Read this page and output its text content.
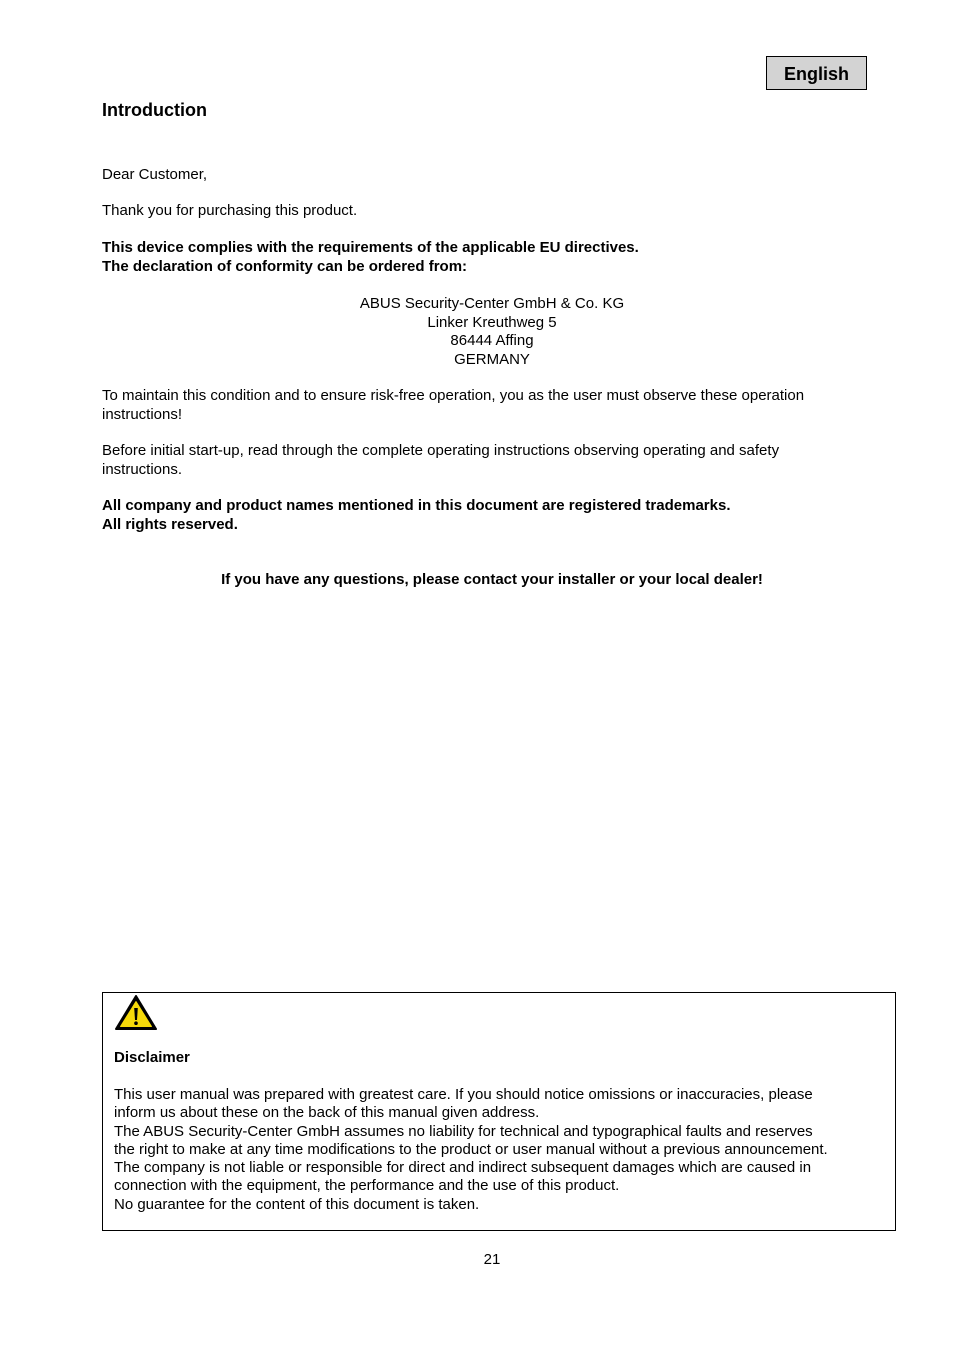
English
Introduction
Dear Customer,
Thank you for purchasing this product.
This device complies with the requirements of the applicable EU directives.
The declaration of conformity can be ordered from:
ABUS Security-Center GmbH & Co. KG
Linker Kreuthweg 5
86444 Affing
GERMANY
To maintain this condition and to ensure risk-free operation, you as the user must observe these operation
instructions!
Before initial start-up, read through the complete operating instructions observing operating and safety
instructions.
All company and product names mentioned in this document are registered trademarks.
All rights reserved.
If you have any questions, please contact your installer or your local dealer!
Disclaimer
This user manual was prepared with greatest care. If you should notice omissions or inaccuracies, please
inform us about these on the back of this manual given address.
The ABUS Security-Center GmbH assumes no liability for technical and typographical faults and reserves
the right to make at any time modifications to the product or user manual without a previous announcement.
The company is not liable or responsible for direct and indirect subsequent damages which are caused in
connection with the equipment, the performance and the use of this product.
No guarantee for the content of this document is taken.
21
